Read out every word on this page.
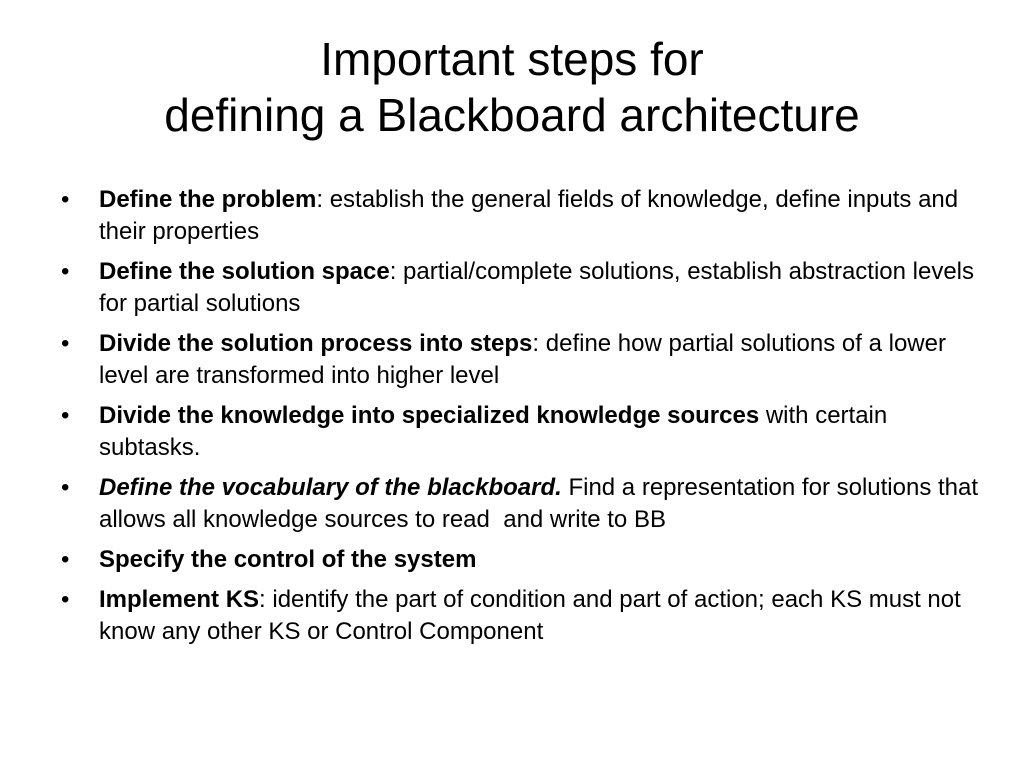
Important steps for
defining a Blackboard architecture
• Define the problem: establish the general fields of knowledge, define inputs and their properties
• Define the solution space: partial/complete solutions, establish abstraction levels for partial solutions
• Divide the solution process into steps: define how partial solutions of a lower level are transformed into higher level
• Divide the knowledge into specialized knowledge sources with certain subtasks.
• Define the vocabulary of the blackboard. Find a representation for solutions that allows all knowledge sources to read  and write to BB
• Specify the control of the system
• Implement KS: identify the part of condition and part of action; each KS must not know any other KS or Control Component
